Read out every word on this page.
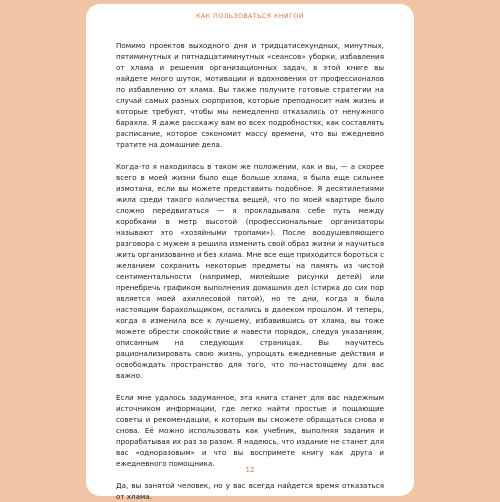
КАК ПОЛЬЗОВАТЬСЯ КНИГОЙ

Помимо проектов выходного дня и тридцатисекундных, минутных, пятиминутных и пятнадцатиминутных «сеансов» уборки, избавления от хлама и решения организационных задач, в этой книге вы найдете много шуток, мотивации и вдохновения от профессионалов по избавлению от хлама. Вы также получите готовые стратегии на случай самых разных сюрпризов, которые преподносит нам жизнь и которые требуют, чтобы мы немедленно отказались от ненужного барахла. Я даже расскажу вам во всех подробностях, как составлять расписание, которое сэкономит массу времени, что вы ежедневно тратите на домашние дела.

Когда-то я находилась в таком же положении, как и вы, — а скорее всего в моей жизни было еще больше хлама, я была еще сильнее измотана, если вы можете представить подобное. Я десятилетиями жила среди такого количества вещей, что по моей квартире было сложно передвигаться — я прокладывала себе путь между коробками в метр высотой (профессиональные организаторы называют это «хозяйными тропами»). После воодушевляющего разговора с мужем я решила изменить свой образ жизни и научиться жить организованно и без хлама. Мне все еще приходится бороться с желанием сохранить некоторые предметы на память из чистой сентиментальности (например, милейшие рисунки детей) или пренебречь графиком выполнения домашних дел (стирка до сих пор является моей ахиллесовой пятой), но те дни, когда я была настоящим барахольщиком, остались в далеком прошлом. И теперь, когда я изменила все к лучшему, избавившись от хлама, вы тоже можете обрести спокойствие и навести порядок, следуя указаниям, описанным на следующих страницах. Вы научитесь рационализировать свою жизнь, упрощать ежедневные действия и освобождать пространство для того, что по-настоящему для вас важно.

Если мне удалось задуманное, эта книга станет для вас надежным источником информации, где легко найти простые и пощающие советы и рекомендации, к которым вы сможете обращаться снова и снова. Её можно использовать как учебник, выполняя задания и прорабатывая их раз за разом. Я надеюсь, что издание не станет для вас «одноразовым» и что вы воспримете книгу как друга и ежедневного помощника.

Да, вы занятой человек, но у вас всегда найдется время отказаться от хлама.

12
